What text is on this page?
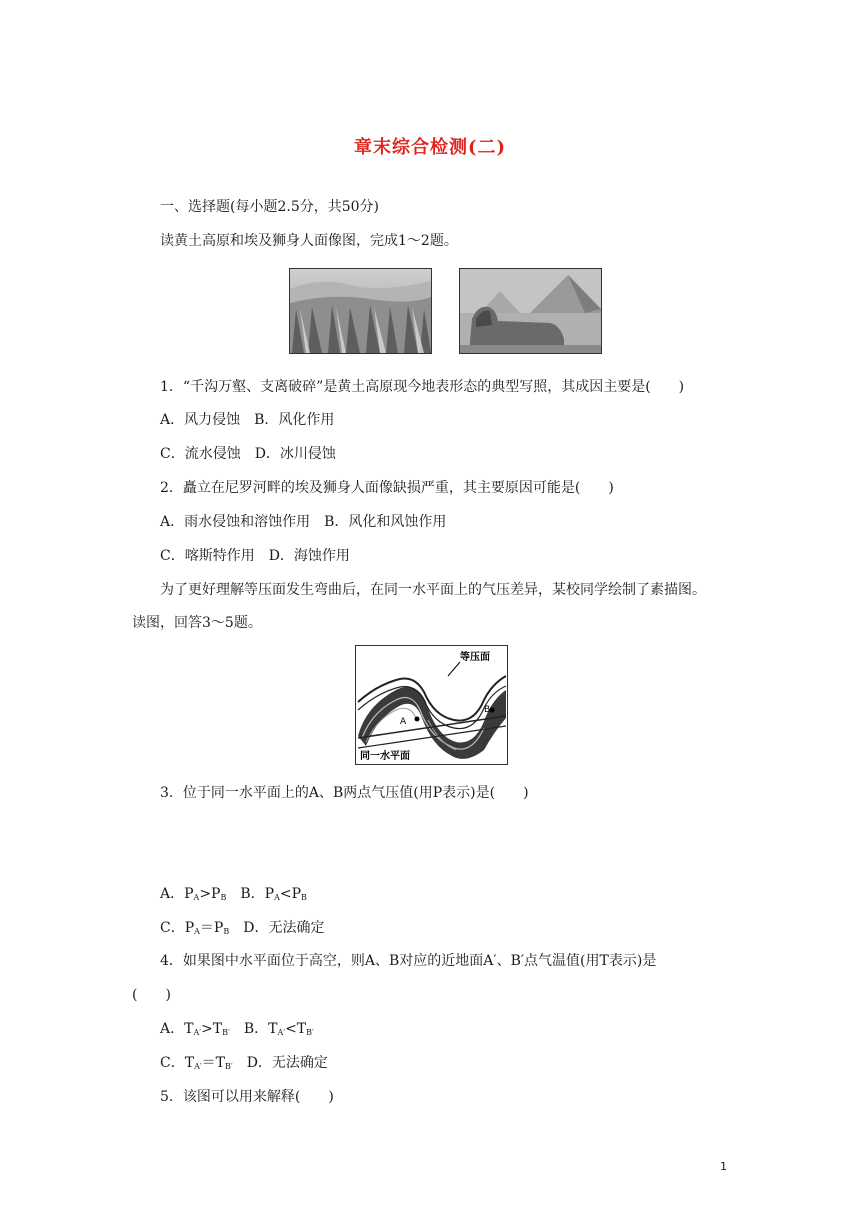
章末综合检测(二)
一、选择题(每小题2.5分，共50分)
读黄土高原和埃及狮身人面像图，完成1～2题。
1．“千沟万壑、支离破碎”是黄土高原现今地表形态的典型写照，其成因主要是(　　)
A．风力侵蚀　B．风化作用
C．流水侵蚀　D．冰川侵蚀
2．矗立在尼罗河畔的埃及狮身人面像缺损严重，其主要原因可能是(　　)
A．雨水侵蚀和溶蚀作用　B．风化和风蚀作用
C．喀斯特作用　D．海蚀作用
为了更好理解等压面发生弯曲后，在同一水平面上的气压差异，某校同学绘制了素描图。
读图，回答3～5题。
A
B
等压面
同一水平面
3．位于同一水平面上的A、B两点气压值(用P表示)是(　　)
A．$P_A>P_B$　B．$P_A<P_B$
C．$P_A=P_B$　D．无法确定
4．如果图中水平面位于高空，则A、B对应的近地面A′、B′点气温值(用T表示)是
(　　)
A．$T_{A'}>T_{B'}$　B．$T_{A'}<T_{B'}$
C．$T_{A'}=T_{B'}$　D．无法确定
5．该图可以用来解释(　　)
1
